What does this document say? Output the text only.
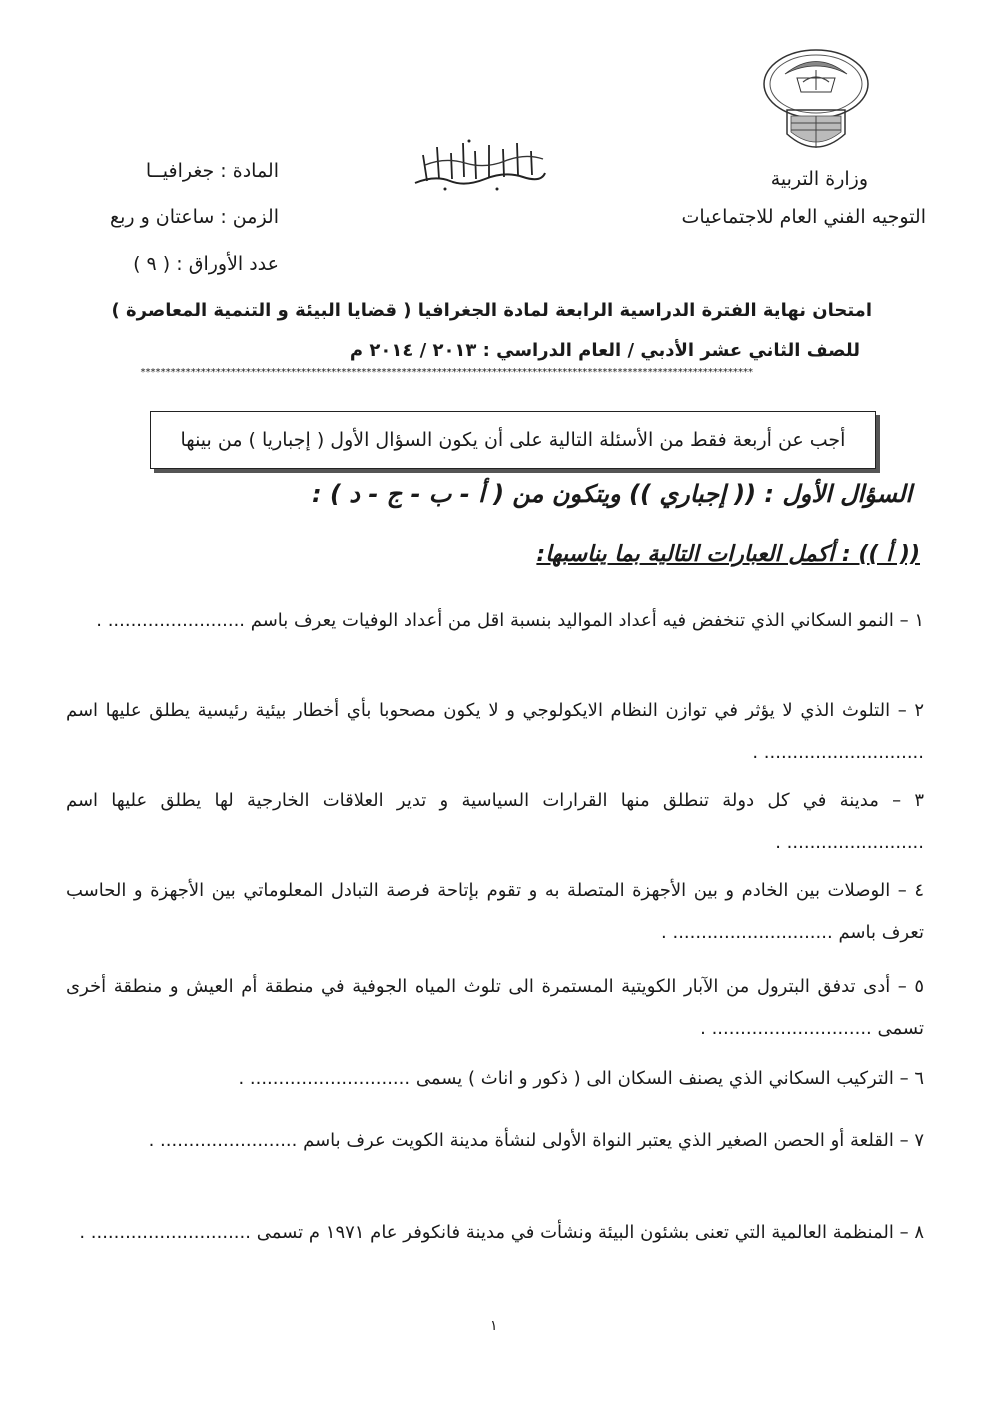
وزارة التربية
التوجيه الفني العام للاجتماعيات
المادة : جغرافيــا
الزمن : ساعتان و ربع
عدد الأوراق : ( ٩ )
امتحان نهاية الفترة الدراسية الرابعة لمادة الجغرافيا ( قضايا البيئة و التنمية المعاصرة )
للصف الثاني عشر الأدبي / العام الدراسي : ٢٠١٣ / ٢٠١٤ م
**************************************************************************************************************************
أجب عن أربعة فقط من الأسئلة التالية على أن يكون السؤال الأول ( إجباريا ) من بينها
السؤال الأول : (( إجباري )) ويتكون من ( أ - ب - ج - د ) :
(( أ )) : أكمل العبارات التالية بما يناسبها:
١ – النمو السكاني الذي تنخفض فيه أعداد المواليد بنسبة اقل من أعداد الوفيات يعرف باسم ........................ .
٢ – التلوث الذي لا يؤثر في توازن النظام الايكولوجي و لا يكون مصحوبا بأي أخطار بيئية رئيسية يطلق عليها اسم ............................ .
٣ – مدينة في كل دولة تنطلق منها القرارات السياسية و تدير العلاقات الخارجية لها يطلق عليها اسم ........................ .
٤ – الوصلات بين الخادم و بين الأجهزة المتصلة به و تقوم بإتاحة فرصة التبادل المعلوماتي بين الأجهزة و الحاسب تعرف باسم ............................ .
٥ – أدى تدفق البترول من الآبار الكويتية المستمرة الى تلوث المياه الجوفية في منطقة أم العيش و منطقة أخرى تسمى ............................ .
٦ – التركيب السكاني الذي يصنف السكان الى ( ذكور و اناث ) يسمى ............................ .
٧ – القلعة أو الحصن الصغير الذي يعتبر النواة الأولى لنشأة مدينة الكويت عرف باسم ........................ .
٨ – المنظمة العالمية التي تعنى بشئون البيئة ونشأت في مدينة فانكوفر عام ١٩٧١ م تسمى ............................ .
١
